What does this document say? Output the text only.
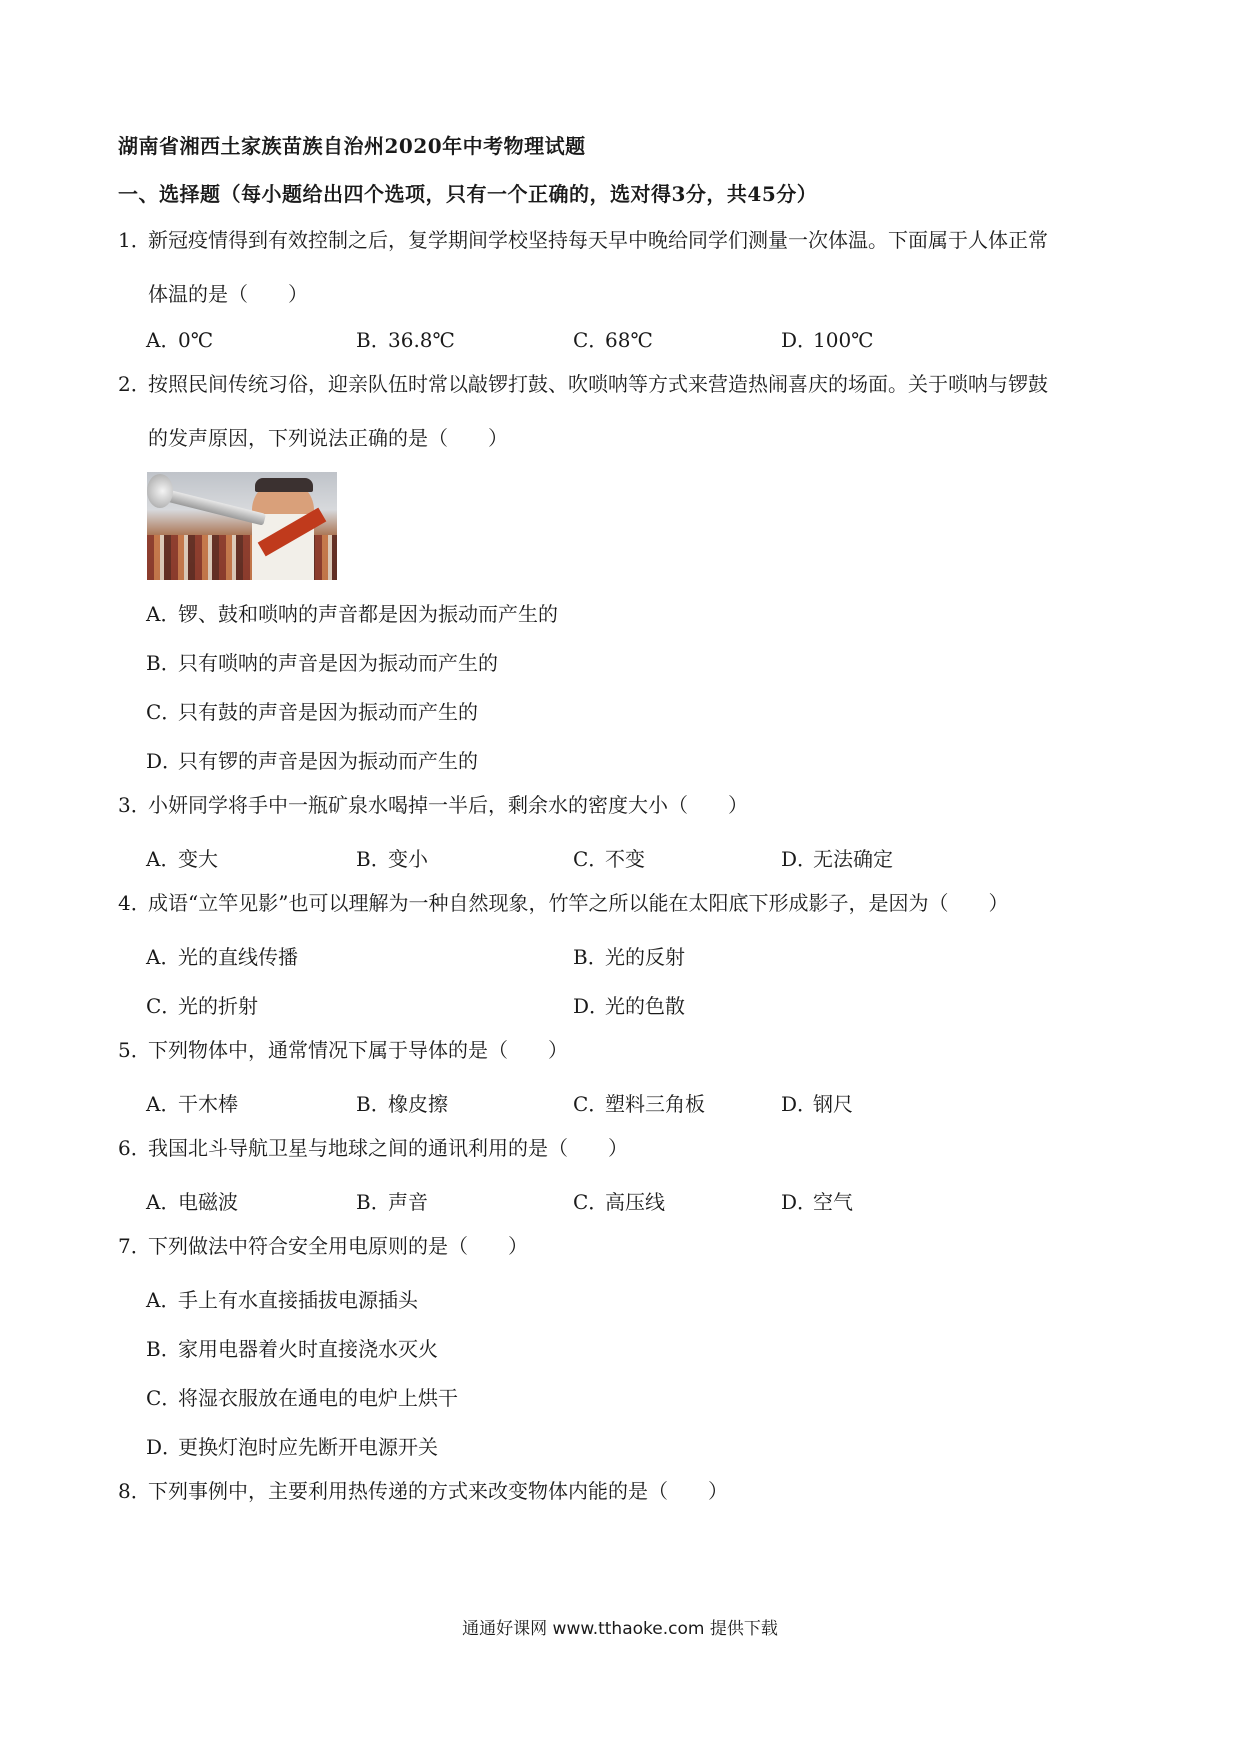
湖南省湘西土家族苗族自治州2020年中考物理试题
一、选择题（每小题给出四个选项，只有一个正确的，选对得3分，共45分）
1．新冠疫情得到有效控制之后，复学期间学校坚持每天早中晚给同学们测量一次体温。下面属于人体正常
体温的是（　　）
A．0℃	B．36.8℃	C．68℃	D．100℃
2．按照民间传统习俗，迎亲队伍时常以敲锣打鼓、吹唢呐等方式来营造热闹喜庆的场面。关于唢呐与锣鼓
的发声原因，下列说法正确的是（　　）
A．锣、鼓和唢呐的声音都是因为振动而产生的
B．只有唢呐的声音是因为振动而产生的
C．只有鼓的声音是因为振动而产生的
D．只有锣的声音是因为振动而产生的
3．小妍同学将手中一瓶矿泉水喝掉一半后，剩余水的密度大小（　　）
A．变大	B．变小	C．不变	D．无法确定
4．成语“立竿见影”也可以理解为一种自然现象，竹竿之所以能在太阳底下形成影子，是因为（　　）
A．光的直线传播	B．光的反射
C．光的折射	D．光的色散
5．下列物体中，通常情况下属于导体的是（　　）
A．干木棒	B．橡皮擦	C．塑料三角板	D．钢尺
6．我国北斗导航卫星与地球之间的通讯利用的是（　　）
A．电磁波	B．声音	C．高压线	D．空气
7．下列做法中符合安全用电原则的是（　　）
A．手上有水直接插拔电源插头
B．家用电器着火时直接浇水灭火
C．将湿衣服放在通电的电炉上烘干
D．更换灯泡时应先断开电源开关
8．下列事例中，主要利用热传递的方式来改变物体内能的是（　　）
通通好课网 www.tthaoke.com 提供下载
